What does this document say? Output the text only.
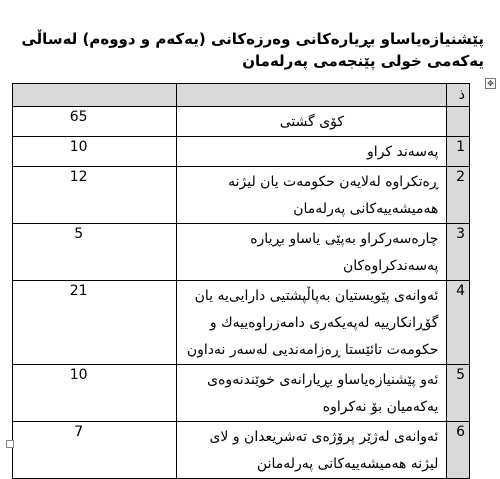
پێشنیازەیاساو بڕیارەکانی وەرزەکانی (یەکەم و دووەم) لەساڵی یەکەمی خولی پێنجەمی پەرلەمان
✥
ذ		
	کۆی گشتی	65
1	پەسەند کراو	10
2	ڕەتکراوە لەلایەن حکومەت یان لیژنە هەمیشەییەکانی پەرلەمان	12
3	چارەسەرکراو بەپێی یاساو بڕیارە پەسەندکراوەکان	5
4	ئەوانەی پێویستیان بەپاڵپشتیی دارایی‌یە یان گۆڕانکارییە لەپەیکەری دامەزراوەییەك و حکومەت تائێستا ڕەزامەندیی لەسەر نەداون	21
5	ئەو پێشنیازەیاساو بڕیارانەی خوێندنەوەی یەکەمیان بۆ نەکراوە	10
6	ئەوانەی لەژێر پرۆژەی تەشریعدان و لای لیژنە هەمیشەییەکانی پەرلەمانن	7
